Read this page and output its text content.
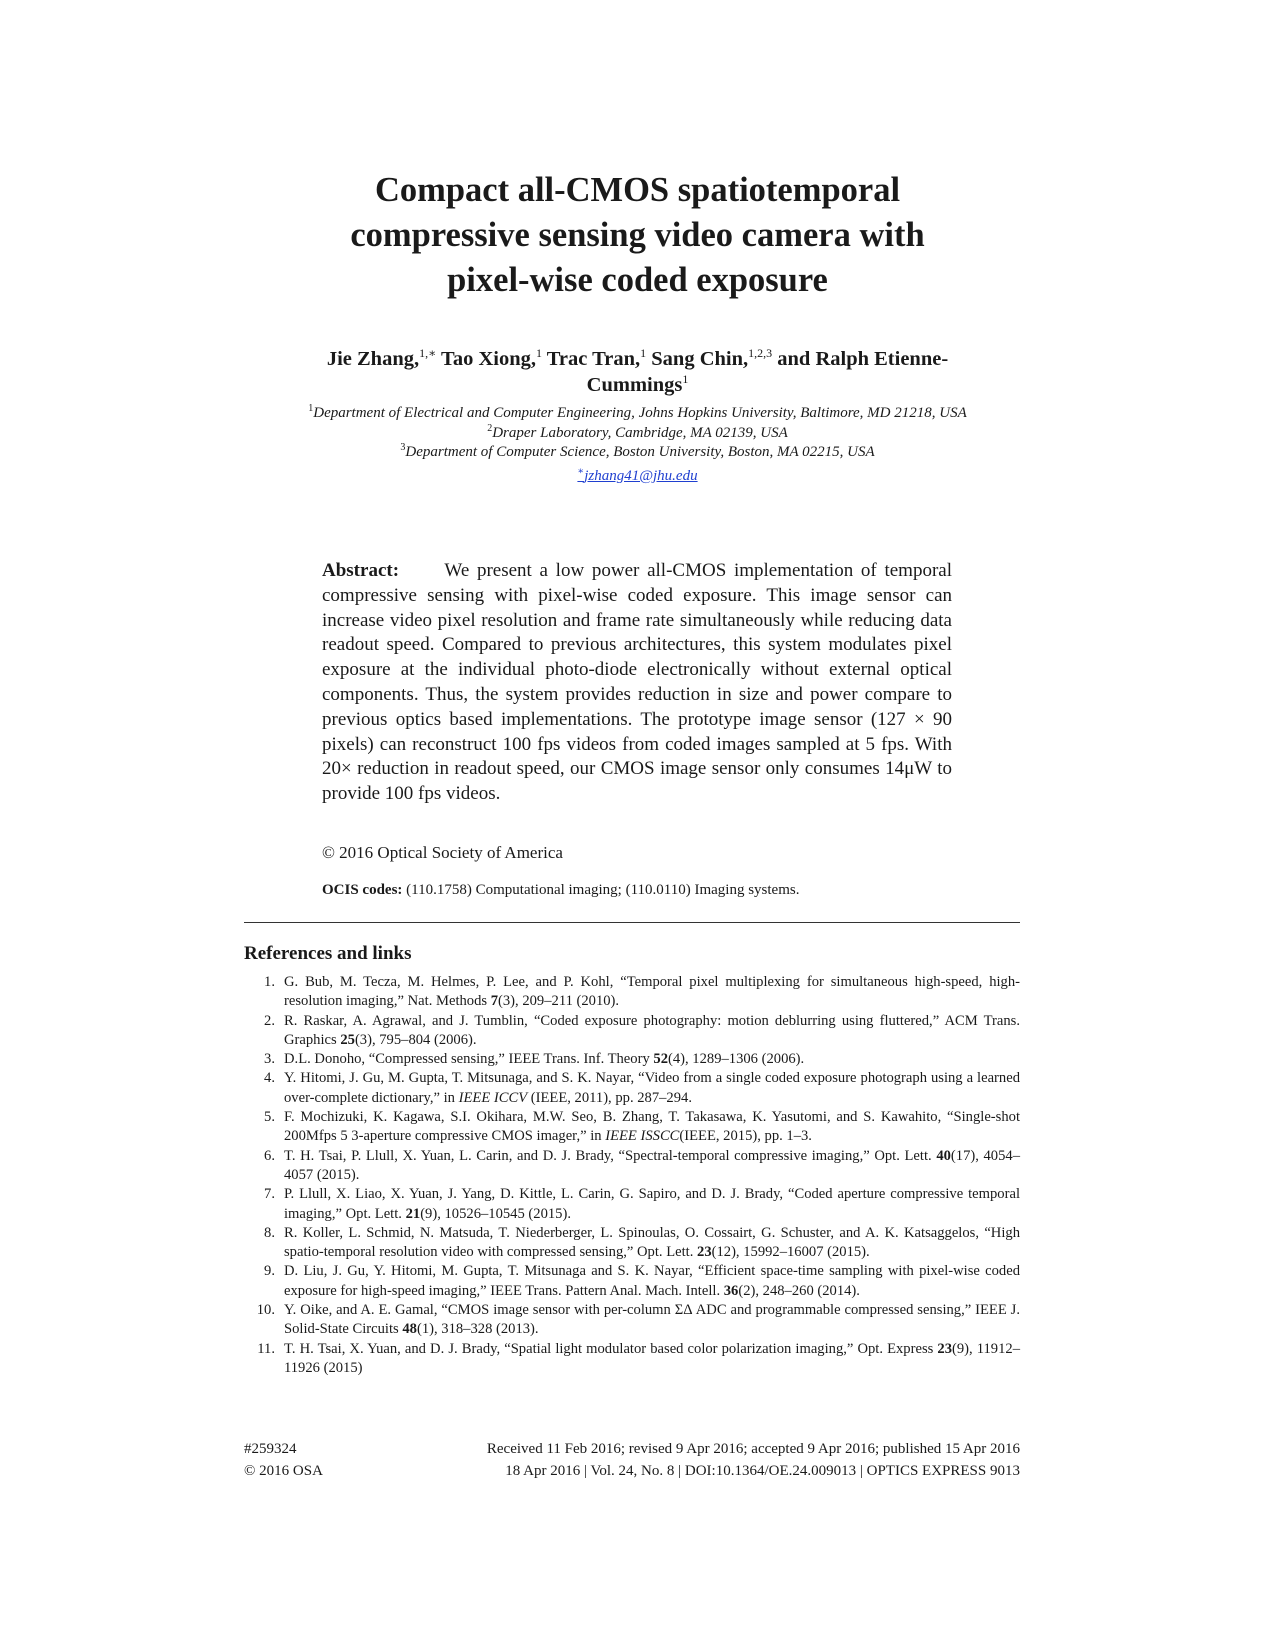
Compact all-CMOS spatiotemporal
compressive sensing video camera with
pixel-wise coded exposure
Jie Zhang,$^{1,∗}$ Tao Xiong,$^1$ Trac Tran,$^1$ Sang Chin,$^{1,2,3}$ and Ralph Etienne-Cummings$^1$
$^1$Department of Electrical and Computer Engineering, Johns Hopkins University, Baltimore, MD 21218, USA
$^2$Draper Laboratory, Cambridge, MA 02139, USA
$^3$Department of Computer Science, Boston University, Boston, MA 02215, USA
∗jzhang41@jhu.edu

Abstract: We present a low power all-CMOS implementation of temporal compressive sensing with pixel-wise coded exposure. This image sensor can increase video pixel resolution and frame rate simultaneously while reducing data readout speed. Compared to previous architectures, this system modulates pixel exposure at the individual photo-diode electronically without external optical components. Thus, the system provides reduction in size and power compare to previous optics based implementations. The prototype image sensor (127 × 90 pixels) can reconstruct 100 fps videos from coded images sampled at 5 fps. With 20× reduction in readout speed, our CMOS image sensor only consumes 14μW to provide 100 fps videos.

© 2016 Optical Society of America
OCIS codes: (110.1758) Computational imaging; (110.0110) Imaging systems.
References and links
1. G. Bub, M. Tecza, M. Helmes, P. Lee, and P. Kohl, “Temporal pixel multiplexing for simultaneous high-speed, high-resolution imaging,” Nat. Methods 7(3), 209–211 (2010).
2. R. Raskar, A. Agrawal, and J. Tumblin, “Coded exposure photography: motion deblurring using fluttered,” ACM Trans. Graphics 25(3), 795–804 (2006).
3. D.L. Donoho, “Compressed sensing,” IEEE Trans. Inf. Theory 52(4), 1289–1306 (2006).
4. Y. Hitomi, J. Gu, M. Gupta, T. Mitsunaga, and S. K. Nayar, “Video from a single coded exposure photograph using a learned over-complete dictionary,” in IEEE ICCV (IEEE, 2011), pp. 287–294.
5. F. Mochizuki, K. Kagawa, S.I. Okihara, M.W. Seo, B. Zhang, T. Takasawa, K. Yasutomi, and S. Kawahito, “Single-shot 200Mfps 5 3-aperture compressive CMOS imager,” in IEEE ISSCC(IEEE, 2015), pp. 1–3.
6. T. H. Tsai, P. Llull, X. Yuan, L. Carin, and D. J. Brady, “Spectral-temporal compressive imaging,” Opt. Lett. 40(17), 4054–4057 (2015).
7. P. Llull, X. Liao, X. Yuan, J. Yang, D. Kittle, L. Carin, G. Sapiro, and D. J. Brady, “Coded aperture compressive temporal imaging,” Opt. Lett. 21(9), 10526–10545 (2015).
8. R. Koller, L. Schmid, N. Matsuda, T. Niederberger, L. Spinoulas, O. Cossairt, G. Schuster, and A. K. Katsaggelos, “High spatio-temporal resolution video with compressed sensing,” Opt. Lett. 23(12), 15992–16007 (2015).
9. D. Liu, J. Gu, Y. Hitomi, M. Gupta, T. Mitsunaga and S. K. Nayar, “Efficient space-time sampling with pixel-wise coded exposure for high-speed imaging,” IEEE Trans. Pattern Anal. Mach. Intell. 36(2), 248–260 (2014).
10. Y. Oike, and A. E. Gamal, “CMOS image sensor with per-column ΣΔ ADC and programmable compressed sensing,” IEEE J. Solid-State Circuits 48(1), 318–328 (2013).
11. T. H. Tsai, X. Yuan, and D. J. Brady, “Spatial light modulator based color polarization imaging,” Opt. Express 23(9), 11912–11926 (2015)
#259324
© 2016 OSA
Received 11 Feb 2016; revised 9 Apr 2016; accepted 9 Apr 2016; published 15 Apr 2016
18 Apr 2016 | Vol. 24, No. 8 | DOI:10.1364/OE.24.009013 | OPTICS EXPRESS 9013
